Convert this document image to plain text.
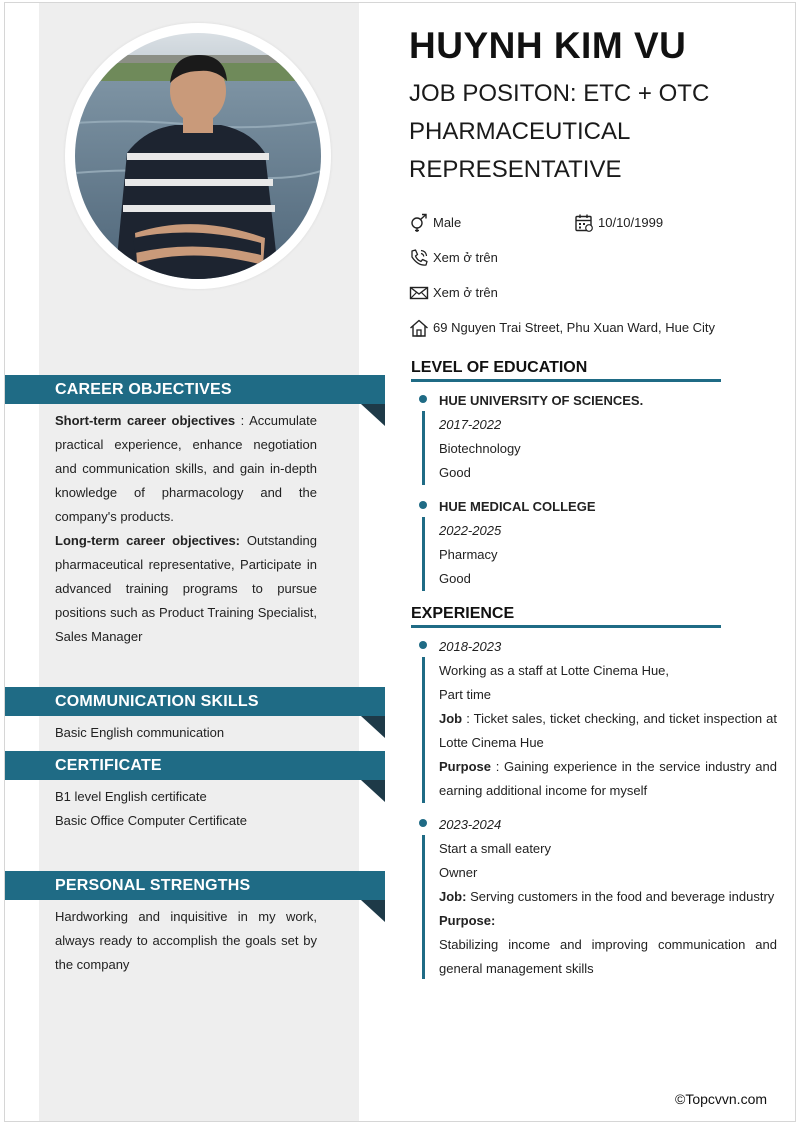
HUYNH KIM VU
JOB POSITON: ETC + OTC
PHARMACEUTICAL
REPRESENTATIVE
Male	10/10/1999
Xem ở trên
Xem ở trên
69 Nguyen Trai Street, Phu Xuan Ward, Hue City
CAREER OBJECTIVES

Short-term career objectives : Accumulate practical experience, enhance negotiation and communication skills, and gain in-depth knowledge of pharmacology and the company's products.

Long-term career objectives: Outstanding pharmaceutical representative, Participate in advanced training programs to pursue positions such as Product Training Specialist, Sales Manager

COMMUNICATION SKILLS

Basic English communication

CERTIFICATE

B1 level English certificate

Basic Office Computer Certificate

PERSONAL STRENGTHS

Hardworking and inquisitive in my work, always ready to accomplish the goals set by the company

LEVEL OF EDUCATION

HUE UNIVERSITY OF SCIENCES.

2017-2022

Biotechnology

Good

HUE MEDICAL COLLEGE

2022-2025

Pharmacy

Good

EXPERIENCE

2018-2023

Working as a staff at Lotte Cinema Hue,

Part time

Job : Ticket sales, ticket checking, and ticket inspection at Lotte Cinema Hue

Purpose : Gaining experience in the service industry and earning additional income for myself

2023-2024

Start a small eatery

Owner

Job: Serving customers in the food and beverage industry

Purpose:

Stabilizing income and improving communication and general management skills

©Topcvvn.com
